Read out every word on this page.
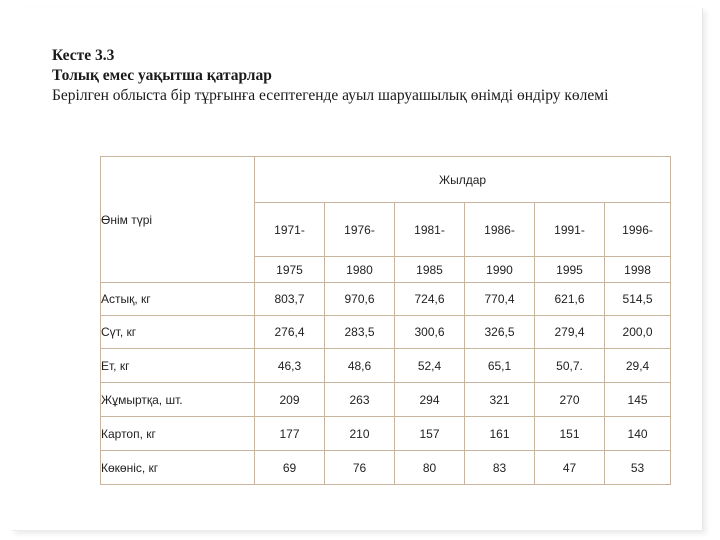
Кесте 3.3
Толық емес уақытша қатарлар
Берілген облыста бір тұрғынға есептегенде ауыл шаруашылық өнімді өндіру көлемі
Өнім түрі	Жылдар					
	1971-	1976-	1981-	1986-	1991-	1996-
	1975	1980	1985	1990	1995	1998
Астық, кг	803,7	970,6	724,6	770,4	621,6	514,5
Сүт, кг	276,4	283,5	300,6	326,5	279,4	200,0
Ет, кг	46,3	48,6	52,4	65,1	50,7.	29,4
Жұмыртқа, шт.	209	263	294	321	270	145
Картоп, кг	177	210	157	161	151	140
Көкөніс, кг	69	76	80	83	47	53
